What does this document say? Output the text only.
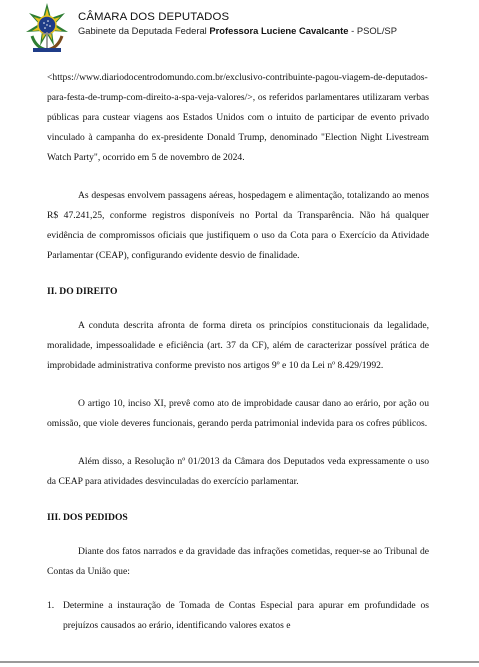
CÂMARA DOS DEPUTADOS
Gabinete da Deputada Federal Professora Luciene Cavalcante - PSOL/SP

<https://www.diariodocentrodomundo.com.br/exclusivo-contribuinte-pagou-viagem-de-deputados-para-festa-de-trump-com-direito-a-spa-veja-valores/>, os referidos parlamentares utilizaram verbas públicas para custear viagens aos Estados Unidos com o intuito de participar de evento privado vinculado à campanha do ex-presidente Donald Trump, denominado "Election Night Livestream Watch Party", ocorrido em 5 de novembro de 2024.

As despesas envolvem passagens aéreas, hospedagem e alimentação, totalizando ao menos R$ 47.241,25, conforme registros disponíveis no Portal da Transparência. Não há qualquer evidência de compromissos oficiais que justifiquem o uso da Cota para o Exercício da Atividade Parlamentar (CEAP), configurando evidente desvio de finalidade.

II. DO DIREITO

A conduta descrita afronta de forma direta os princípios constitucionais da legalidade, moralidade, impessoalidade e eficiência (art. 37 da CF), além de caracterizar possível prática de improbidade administrativa conforme previsto nos artigos 9º e 10 da Lei nº 8.429/1992.

O artigo 10, inciso XI, prevê como ato de improbidade causar dano ao erário, por ação ou omissão, que viole deveres funcionais, gerando perda patrimonial indevida para os cofres públicos.

Além disso, a Resolução nº 01/2013 da Câmara dos Deputados veda expressamente o uso da CEAP para atividades desvinculadas do exercício parlamentar.

III. DOS PEDIDOS

Diante dos fatos narrados e da gravidade das infrações cometidas, requer-se ao Tribunal de Contas da União que:

1. Determine a instauração de Tomada de Contas Especial para apurar em profundidade os prejuízos causados ao erário, identificando valores exatos e
